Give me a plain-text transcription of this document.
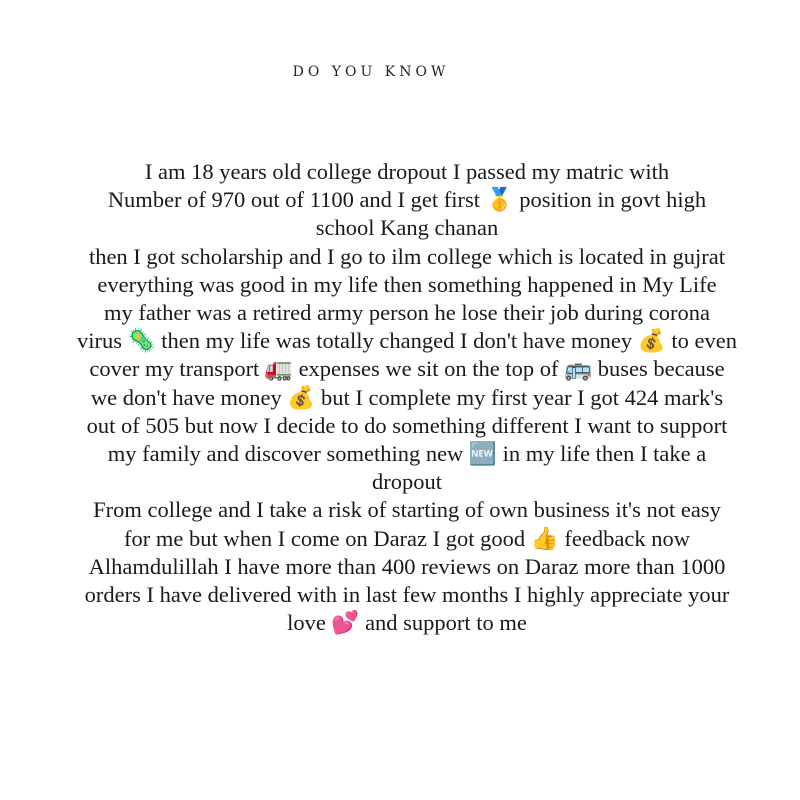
DO YOU KNOW
I am 18 years old college dropout I passed my matric with
Number of 970 out of 1100 and I get first 🥇 position in govt high
school Kang chanan
then I got scholarship and I go to ilm college which is located in gujrat
everything was good in my life then something happened in My Life
my father was a retired army person he lose their job during corona
virus 🦠 then my life was totally changed I don't have money 💰 to even
cover my transport 🚛 expenses we sit on the top of 🚌 buses because
we don't have money 💰 but I complete my first year I got 424 mark's
out of 505 but now I decide to do something different I want to support
my family and discover something new 🆕 in my life then I take a
dropout
From college and I take a risk of starting of own business it's not easy
for me but when I come on Daraz I got good 👍 feedback now
Alhamdulillah I have more than 400 reviews on Daraz more than 1000
orders I have delivered with in last few months I highly appreciate your
love 💕 and support to me
